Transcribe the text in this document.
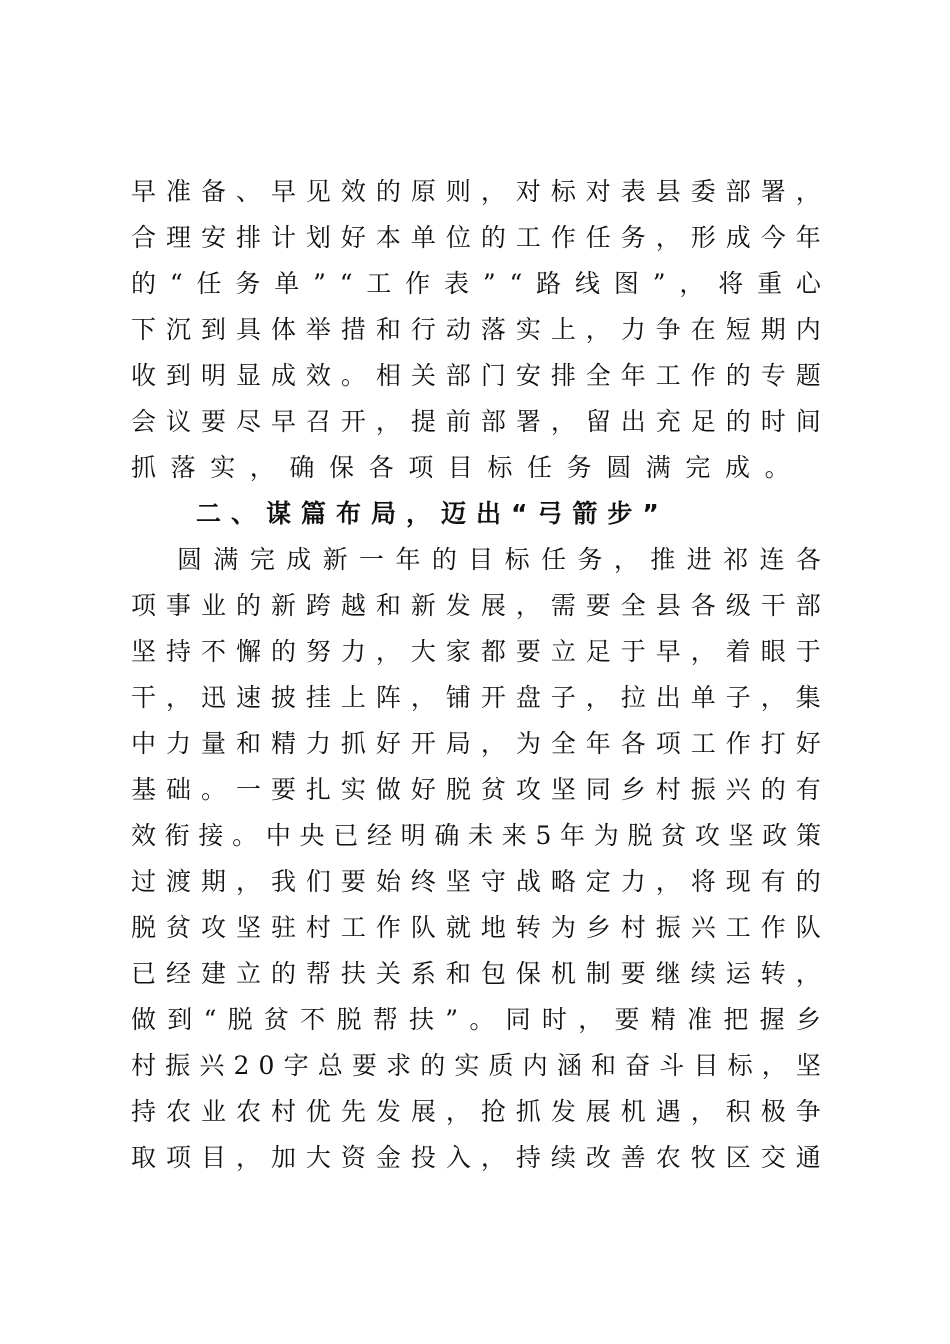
早 准 备 、 早 见 效 的 原 则 ， 对 标 对 表 县 委 部 署 ，
合 理 安 排 计 划 好 本 单 位 的 工 作 任 务 ， 形 成 今 年
的 “ 任 务 单 ” “ 工 作 表 ” “ 路 线 图 ” ， 将 重 心
下 沉 到 具 体 举 措 和 行 动 落 实 上 ， 力 争 在 短 期 内
收 到 明 显 成 效 。 相 关 部 门 安 排 全 年 工 作 的 专 题
会 议 要 尽 早 召 开 ， 提 前 部 署 ， 留 出 充 足 的 时 间
抓落实，确保各项目标任务圆满完成。
二、谋篇布局，迈出“弓箭步”
圆 满 完 成 新 一 年 的 目 标 任 务 ， 推 进 祁 连 各
项 事 业 的 新 跨 越 和 新 发 展 ， 需 要 全 县 各 级 干 部
坚 持 不 懈 的 努 力 ， 大 家 都 要 立 足 于 早 ， 着 眼 于
干 ， 迅 速 披 挂 上 阵 ， 铺 开 盘 子 ， 拉 出 单 子 ， 集
中 力 量 和 精 力 抓 好 开 局 ， 为 全 年 各 项 工 作 打 好
基 础 。 一 要 扎 实 做 好 脱 贫 攻 坚 同 乡 村 振 兴 的 有
效 衔 接 。 中 央 已 经 明 确 未 来 5 年 为 脱 贫 攻 坚 政 策
过 渡 期 ， 我 们 要 始 终 坚 守 战 略 定 力 ， 将 现 有 的
脱 贫 攻 坚 驻 村 工 作 队 就 地 转 为 乡 村 振 兴 工 作 队
已 经 建 立 的 帮 扶 关 系 和 包 保 机 制 要 继 续 运 转 ，
做 到 “ 脱 贫 不 脱 帮 扶 ” 。 同 时 ， 要 精 准 把 握 乡
村 振 兴 2 0 字 总 要 求 的 实 质 内 涵 和 奋 斗 目 标 ， 坚
持 农 业 农 村 优 先 发 展 ， 抢 抓 发 展 机 遇 ， 积 极 争
取 项 目 ， 加 大 资 金 投 入 ， 持 续 改 善 农 牧 区 交 通
